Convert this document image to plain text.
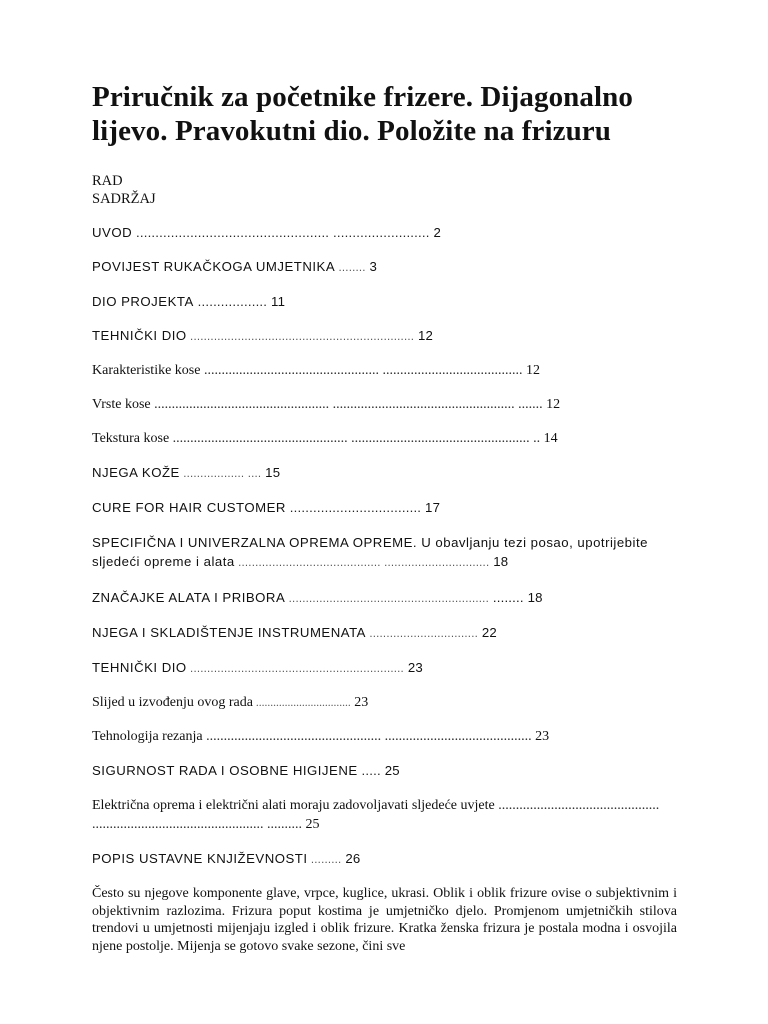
Priručnik za početnike frizere. Dijagonalno lijevo. Pravokutni dio. Položite na frizuru
RAD
SADRŽAJ
UVOD .................................................. ......................... 2
POVIJEST RUKAČKOGA UMJETNIKA ........ 3
DIO PROJEKTA .................. 11
TEHNIČKI DIO .................................................................. 12
Karakteristike kose .................................................. ........................................ 12
Vrste kose .................................................. .................................................... ....... 12
Tekstura kose .................................................. ................................................... .. 14
NJEGA KOŽE .................. .... 15
CURE FOR HAIR CUSTOMER .................................. 17
SPECIFIČNA I UNIVERZALNA OPREMA OPREME. U obavljanju tezi posao, upotrijebite sljedeći opreme i alata .......................................... ............................... 18
ZNAČAJKE ALATA I PRIBORA ........................................................... ........ 18
NJEGA I SKLADIŠTENJE INSTRUMENATA ................................ 22
TEHNIČKI DIO ............................................................... 23
Slijed u izvođenju ovog rada ................................. 23
Tehnologija rezanja .................................................. .......................................... 23
SIGURNOST RADA I OSOBNE HIGIJENE ..... 25
Električna oprema i električni alati moraju zadovoljavati sljedeće uvjete .............................................. ................................................. .......... 25
POPIS USTAVNE KNJIŽEVNOSTI ......... 26

Često su njegove komponente glave, vrpce, kuglice, ukrasi. Oblik i oblik frizure ovise o subjektivnim i objektivnim razlozima. Frizura poput kostima je umjetničko djelo. Promjenom umjetničkih stilova trendovi u umjetnosti mijenjaju izgled i oblik frizure. Kratka ženska frizura je postala modna i osvojila njene postolje. Mijenja se gotovo svake sezone, čini sve
